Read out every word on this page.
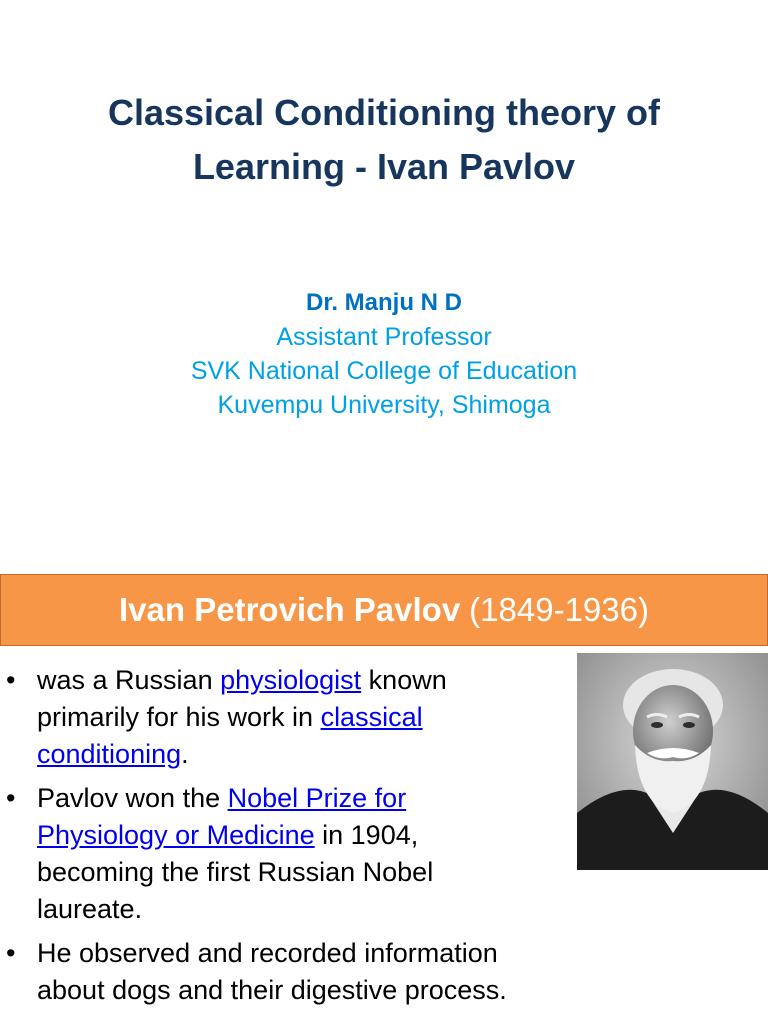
Classical Conditioning theory of
Learning - Ivan Pavlov
Dr. Manju N D
Assistant Professor
SVK National College of Education
Kuvempu University, Shimoga
Ivan Petrovich Pavlov (1849-1936)
• was a Russian physiologist known primarily for his work in classical conditioning.
• Pavlov won the Nobel Prize for Physiology or Medicine in 1904, becoming the first Russian Nobel laureate.
• He observed and recorded information about dogs and their digestive process.
